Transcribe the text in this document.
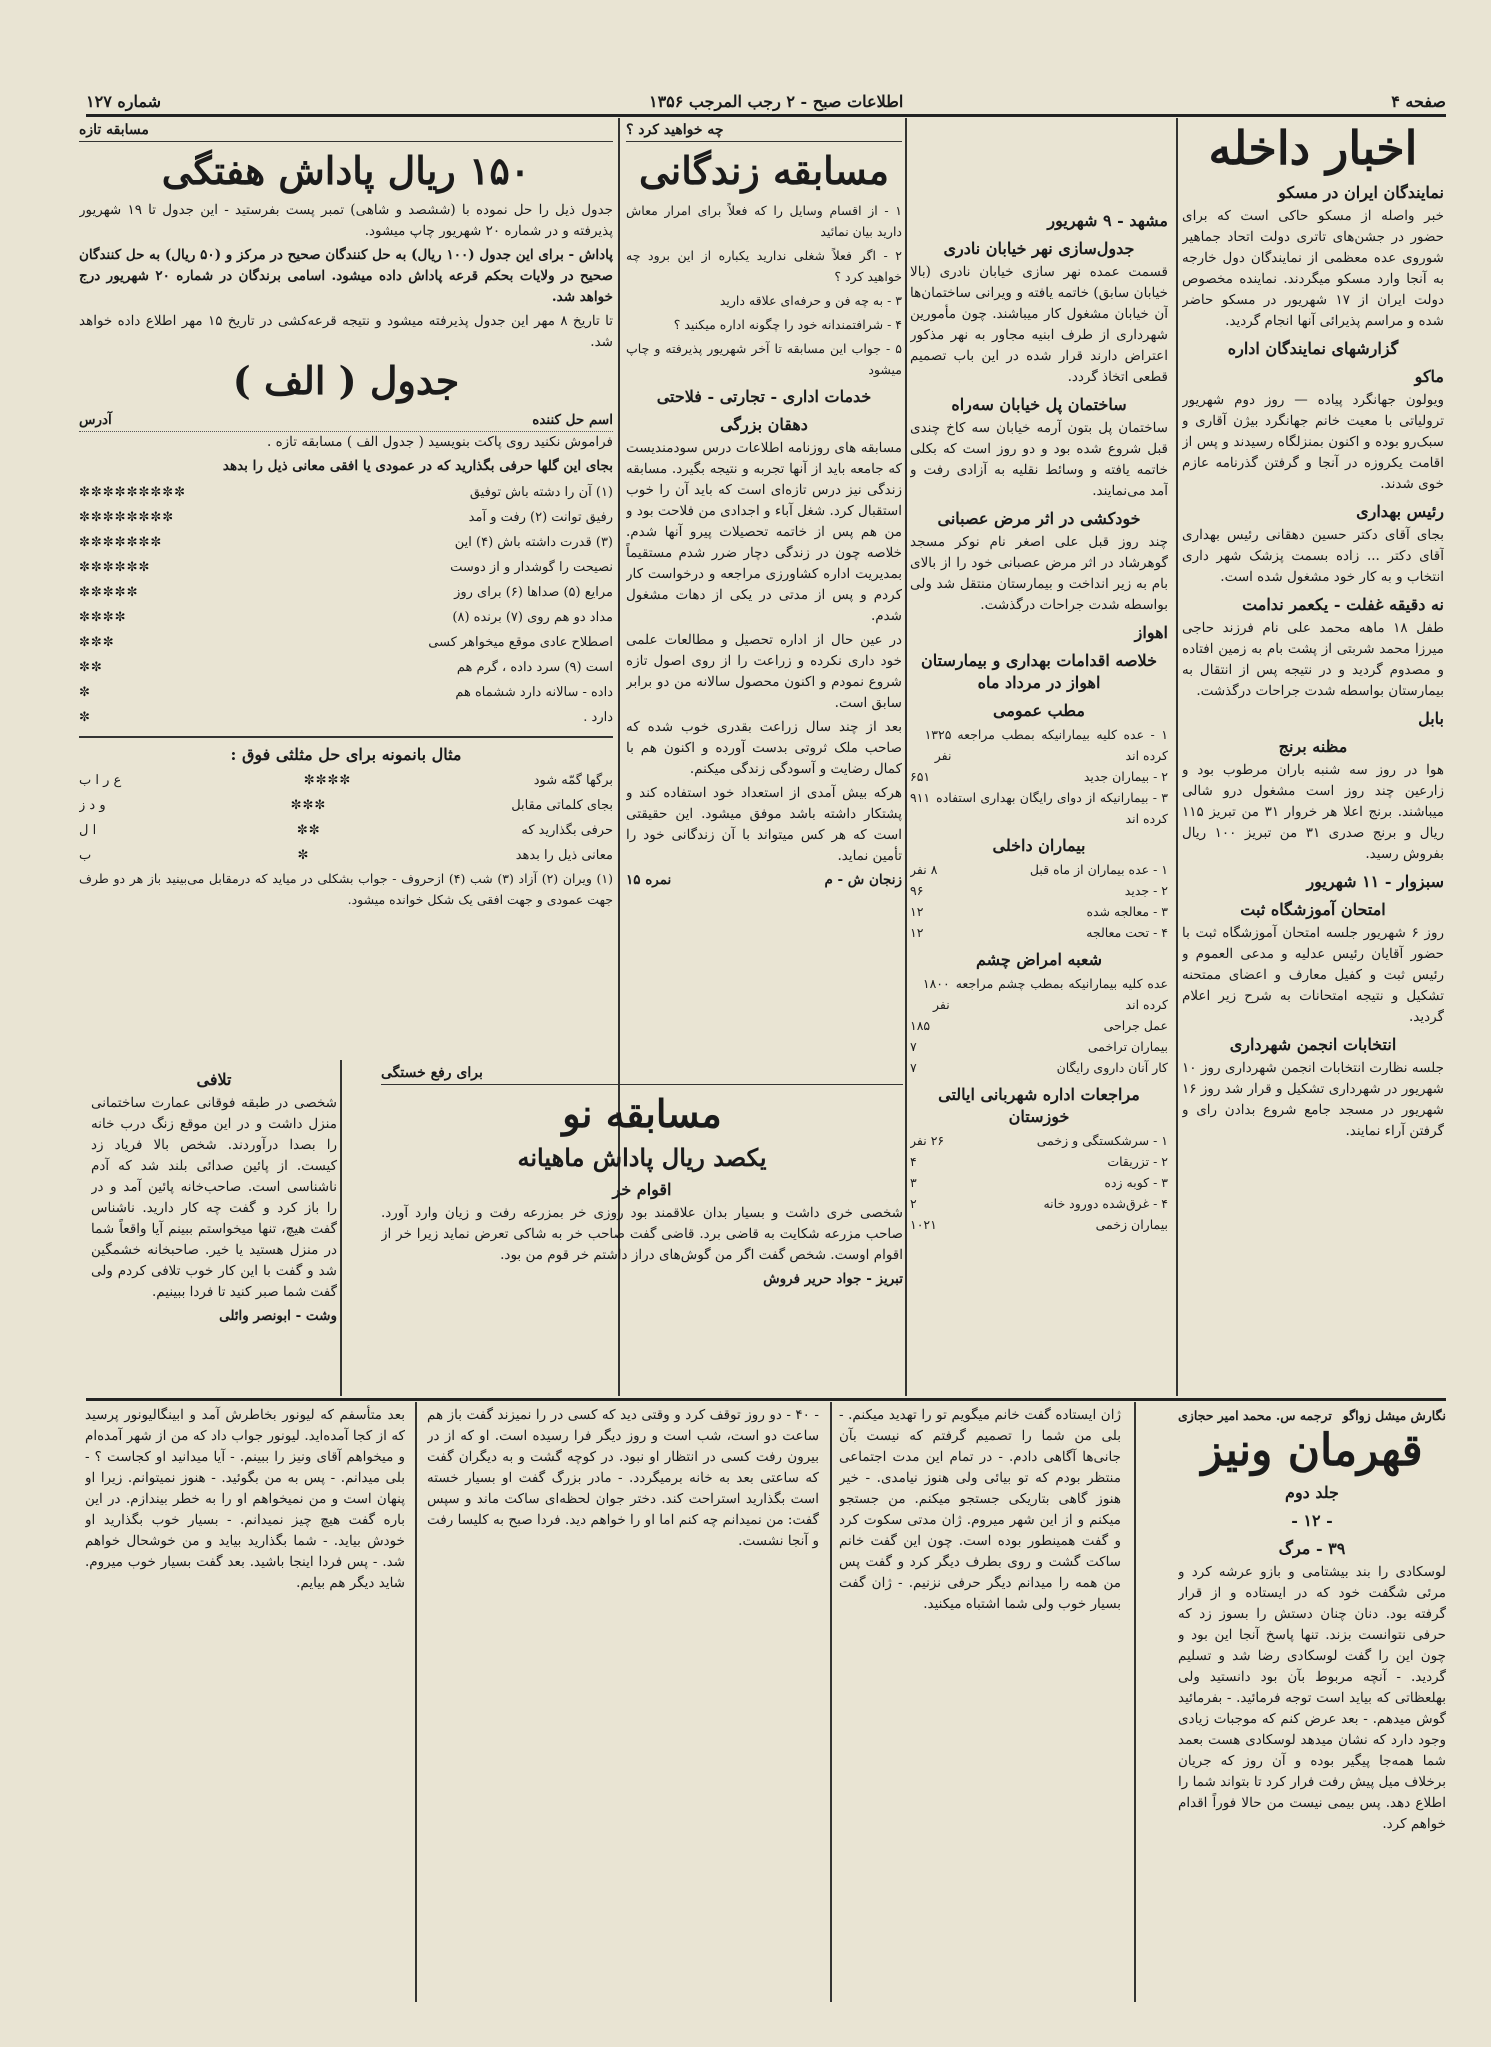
صفحه ۴
اطلاعات صبح - ۲ رجب المرجب ۱۳۵۶
شماره ۱۲۷
اخبار داخله
نمایندگان ایران در مسکو

خبر واصله از مسکو حاکی است که برای حضور در جشن‌های تاتری دولت اتحاد جماهیر شوروی عده معظمی از نمایندگان دول خارجه به آنجا وارد مسکو میگردند. نماینده مخصوص دولت ایران از ۱۷ شهریور در مسکو حاضر شده و مراسم پذیرائی آنها انجام گردید.

گزارشهای نمایندگان اداره
ماکو

ویولون جهانگرد پیاده — روز دوم شهریور ترولیاتی با معیت خانم جهانگرد بیژن آقاری و سبک‌رو بوده و اکنون بمنزلگاه رسیدند و پس از اقامت یکروزه در آنجا و گرفتن گذرنامه عازم خوی شدند.

رئیس بهداری

بجای آقای دکتر حسین دهقانی رئیس بهداری آقای دکتر ... زاده بسمت پزشک شهر داری انتخاب و به کار خود مشغول شده است.

نه دقیقه غفلت - یکعمر ندامت

طفل ۱۸ ماهه محمد علی نام فرزند حاجی میرزا محمد شربتی از پشت بام به زمین افتاده و مصدوم گردید و در نتیجه پس از انتقال به بیمارستان بواسطه شدت جراحات درگذشت.

بابل
مظنه برنج

هوا در روز سه شنبه باران مرطوب بود و زارعین چند روز است مشغول درو شالی میباشند. برنج اعلا هر خروار ۳۱ من تبریز ۱۱۵ ریال و برنج صدری ۳۱ من تبریز ۱۰۰ ریال بفروش رسید.

سبزوار - ۱۱ شهریور
امتحان آموزشگاه ثبت

روز ۶ شهریور جلسه امتحان آموزشگاه ثبت با حضور آقایان رئیس عدلیه و مدعی العموم و رئیس ثبت و کفیل معارف و اعضای ممتحنه تشکیل و نتیجه امتحانات به شرح زیر اعلام گردید.

انتخابات انجمن شهرداری

جلسه نظارت انتخابات انجمن شهرداری روز ۱۰ شهریور در شهرداری تشکیل و قرار شد روز ۱۶ شهریور در مسجد جامع شروع بدادن رای و گرفتن آراء نمایند.

مشهد - ۹ شهریور
جدول‌سازی نهر خیابان نادری

قسمت عمده نهر سازی خیابان نادری (بالا خیابان سابق) خاتمه یافته و ویرانی ساختمان‌ها آن خیابان مشغول کار میباشند. چون مأمورین شهرداری از طرف ابنیه مجاور به نهر مذکور اعتراض دارند قرار شده در این باب تصمیم قطعی اتخاذ گردد.

ساختمان پل خیابان سه‌راه

ساختمان پل بتون آرمه خیابان سه کاخ چندی قبل شروع شده بود و دو روز است که بکلی خاتمه یافته و وسائط نقلیه به آزادی رفت و آمد می‌نمایند.

خودکشی در اثر مرض عصبانی

چند روز قبل علی اصغر نام نوکر مسجد گوهرشاد در اثر مرض عصبانی خود را از بالای بام به زیر انداخت و بیمارستان منتقل شد ولی بواسطه شدت جراحات درگذشت.

اهواز
خلاصه اقدامات بهداری و بیمارستان اهواز در مرداد ماه
مطب عمومی
۱ - عده کلیه بیمارانیکه بمطب مراجعه کرده اند
۱۳۲۵ نفر
۲ - بیماران جدید
۶۵۱
۳ - بیمارانیکه از دوای رایگان بهداری استفاده کرده اند
۹۱۱
بیماران داخلی
۱ - عده بیماران از ماه قبل
۸ نفر
۲ - جدید
۹۶
۳ - معالجه شده
۱۲
۴ - تحت معالجه
۱۲
شعبه امراض چشم
عده کلیه بیمارانیکه بمطب چشم مراجعه کرده اند
۱۸۰۰ نفر
عمل جراحی
۱۸۵
بیماران تراخمی
۷
کار آنان داروی رایگان
۷
مراجعات اداره شهربانی ایالتی خوزستان
۱ - سرشکستگی و زخمی
۲۶ نفر
۲ - تزریقات
۴
۳ - کوبه زده
۳
۴ - غرق‌شده دورود خانه
۲
بیماران زخمی
۱۰۲۱
چه خواهید کرد ؟
مسابقه زندگانی

۱ - از اقسام وسایل را که فعلاً برای امرار معاش دارید بیان نمائید

۲ - اگر فعلاً شغلی ندارید یکباره از این برود چه خواهید کرد ؟

۳ - به چه فن و حرفه‌ای علاقه دارید

۴ - شرافتمندانه خود را چگونه اداره میکنید ؟

۵ - جواب این مسابقه تا آخر شهریور پذیرفته و چاپ میشود

خدمات اداری - تجارتی - فلاحتی
دهقان بزرگی

مسابقه های روزنامه اطلاعات درس سودمندیست که جامعه باید از آنها تجربه و نتیجه بگیرد. مسابقه زندگی نیز درس تازه‌ای است که باید آن را خوب استقبال کرد. شغل آباء و اجدادی من فلاحت بود و من هم پس از خاتمه تحصیلات پیرو آنها شدم. خلاصه چون در زندگی دچار ضرر شدم مستقیماً بمدیریت اداره کشاورزی مراجعه و درخواست کار کردم و پس از مدتی در یکی از دهات مشغول شدم.

در عین حال از اداره تحصیل و مطالعات علمی خود داری نکرده و زراعت را از روی اصول تازه شروع نمودم و اکنون محصول سالانه من دو برابر سابق است.

بعد از چند سال زراعت بقدری خوب شده که صاحب ملک ثروتی بدست آورده و اکنون هم با کمال رضایت و آسودگی زندگی میکنم.

هرکه بیش آمدی از استعداد خود استفاده کند و پشتکار داشته باشد موفق میشود. این حقیقتی است که هر کس میتواند با آن زندگانی خود را تأمین نماید.

زنجان ش - م
نمره ۱۵
مسابقه تازه
۱۵۰ ریال پاداش هفتگی

جدول ذیل را حل نموده با (ششصد و شاهی) تمبر پست بفرستید - این جدول تا ۱۹ شهریور پذیرفته و در شماره ۲۰ شهریور چاپ میشود.

پاداش - برای این جدول (۱۰۰ ریال) به حل کنندگان صحیح در مرکز و (۵۰ ریال) به حل کنندگان صحیح در ولایات بحکم قرعه پاداش داده میشود. اسامی برندگان در شماره ۲۰ شهریور درج خواهد شد.

تا تاریخ ۸ مهر این جدول پذیرفته میشود و نتیجه قرعه‌کشی در تاریخ ۱۵ مهر اطلاع داده خواهد شد.

جدول ( الف )
اسم حل کننده
آدرس

فراموش نکنید روی پاکت بنویسید ( جدول الف ) مسابقه تازه .

بجای این گلها حرفی بگذارید که در عمودی یا افقی معانی ذیل را بدهد

(۱) آن را دشته باش توفیق
✼✼✼✼✼✼✼✼✼
رفیق توانت (۲) رفت و آمد
✼✼✼✼✼✼✼✼
(۳) قدرت داشته باش (۴) این
✼✼✼✼✼✼✼
نصیحت را گوشدار و از دوست
✼✼✼✼✼✼
مرایع (۵) صداها (۶) برای روز
✼✼✼✼✼
مداد دو هم روی (۷) برنده (۸)
✼✼✼✼
اصطلاح عادی موقع میخواهر کسی
✼✼✼
است (۹) سرد داده ، گرم هم
✼✼
داده - سالانه دارد ششماه هم
✼
دارد .
✼
مثال بانمونه برای حل مثلثی فوق :
برگها گمّه شود
✼✼✼✼
ع ر ا ب
بجای کلماتی مقابل
✼✼✼
و د ز
حرفی بگذارید که
✼✼
ا ل
معانی ذیل را بدهد
✼
ب

(۱) ویران (۲) آزاد (۳) شب (۴) ازحروف - جواب بشکلی در میاید که درمقابل می‌بینید باز هر دو طرف جهت عمودی و جهت افقی یک شکل خوانده میشود.

برای رفع خستگی
مسابقه نو
یکصد ریال پاداش ماهیانه
اقوام خر

شخصی خری داشت و بسیار بدان علاقمند بود روزی خر بمزرعه رفت و زیان وارد آورد. صاحب مزرعه شکایت به قاضی برد. قاضی گفت صاحب خر به شاکی تعرض نماید زیرا خر از اقوام اوست. شخص گفت اگر من گوش‌های دراز داشتم خر قوم من بود.

تبریز - جواد حریر فروش
تلافی

شخصی در طبقه فوقانی عمارت ساختمانی منزل داشت و در این موقع زنگ درب خانه را بصدا درآوردند. شخص بالا فریاد زد کیست. از پائین صدائی بلند شد که آدم ناشناسی است. صاحب‌خانه پائین آمد و در را باز کرد و گفت چه کار دارید. ناشناس گفت هیچ، تنها میخواستم ببینم آیا واقعاً شما در منزل هستید یا خیر. صاحبخانه خشمگین شد و گفت با این کار خوب تلافی کردم ولی گفت شما صبر کنید تا فردا ببینیم.

وشت - ابونصر وائلی
نگارش میشل زواگو
ترجمه س. محمد امیر حجازی
قهرمان ونیز
جلد دوم
- ۱۲ -
۳۹ - مرگ

لوسکادی را بند بیشتامی و بازو عرشه کرد و مرئی شگفت خود که در ایستاده و از قرار گرفته بود. دنان چنان دستش را بسوز زد که حرفی نتوانست بزند. تنها پاسخ آنجا این بود و چون این را گفت لوسکادی رضا شد و تسلیم گردید. - آنچه مربوط بآن بود دانستید ولی بهلعظاتی که بیاید است توجه فرمائید. - بفرمائید گوش میدهم. - بعد عرض کنم که موجبات زیادی وجود دارد که نشان میدهد لوسکادی هست بعمد شما همه‌جا پیگیر بوده و آن روز که جریان برخلاف میل پیش رفت فرار کرد تا بتواند شما را اطلاع دهد. پس بیمی نیست من حالا فوراً اقدام خواهم کرد.

ژان ایستاده گفت خانم میگویم تو را تهدید میکنم. - بلی من شما را تصمیم گرفتم که نیست بآن جانی‌ها آگاهی دادم. - در تمام این مدت اجتماعی منتظر بودم که تو بیائی ولی هنوز نیامدی. - خیر هنوز گاهی بتاریکی جستجو میکنم. من جستجو میکنم و از این شهر میروم. ژان مدتی سکوت کرد و گفت همینطور بوده است. چون این گفت خانم ساکت گشت و روی بطرف دیگر کرد و گفت پس من همه را میدانم دیگر حرفی نزنیم. - ژان گفت بسیار خوب ولی شما اشتباه میکنید.

- ۴۰ - دو روز توقف کرد و وقتی دید که کسی در را نمیزند گفت باز هم ساعت دو است، شب است و روز دیگر فرا رسیده است. او که از در بیرون رفت کسی در انتظار او نبود. در کوچه گشت و به دیگران گفت که ساعتی بعد به خانه برمیگردد. - مادر بزرگ گفت او بسیار خسته است بگذارید استراحت کند. دختر جوان لحظه‌ای ساکت ماند و سپس گفت: من نمیدانم چه کنم اما او را خواهم دید. فردا صبح به کلیسا رفت و آنجا نشست.

بعد متأسفم که لیونور بخاطرش آمد و ابینگالیونور پرسید که از کجا آمده‌اید. لیونور جواب داد که من از شهر آمده‌ام و میخواهم آقای ونیز را ببینم. - آیا میدانید او کجاست ؟ - بلی میدانم. - پس به من بگوئید. - هنوز نمیتوانم. زیرا او پنهان است و من نمیخواهم او را به خطر بیندازم. در این باره گفت هیچ چیز نمیدانم. - بسیار خوب بگذارید او خودش بیاید. - شما بگذارید بیاید و من خوشحال خواهم شد. - پس فردا اینجا باشید. بعد گفت بسیار خوب میروم. شاید دیگر هم بیایم.
